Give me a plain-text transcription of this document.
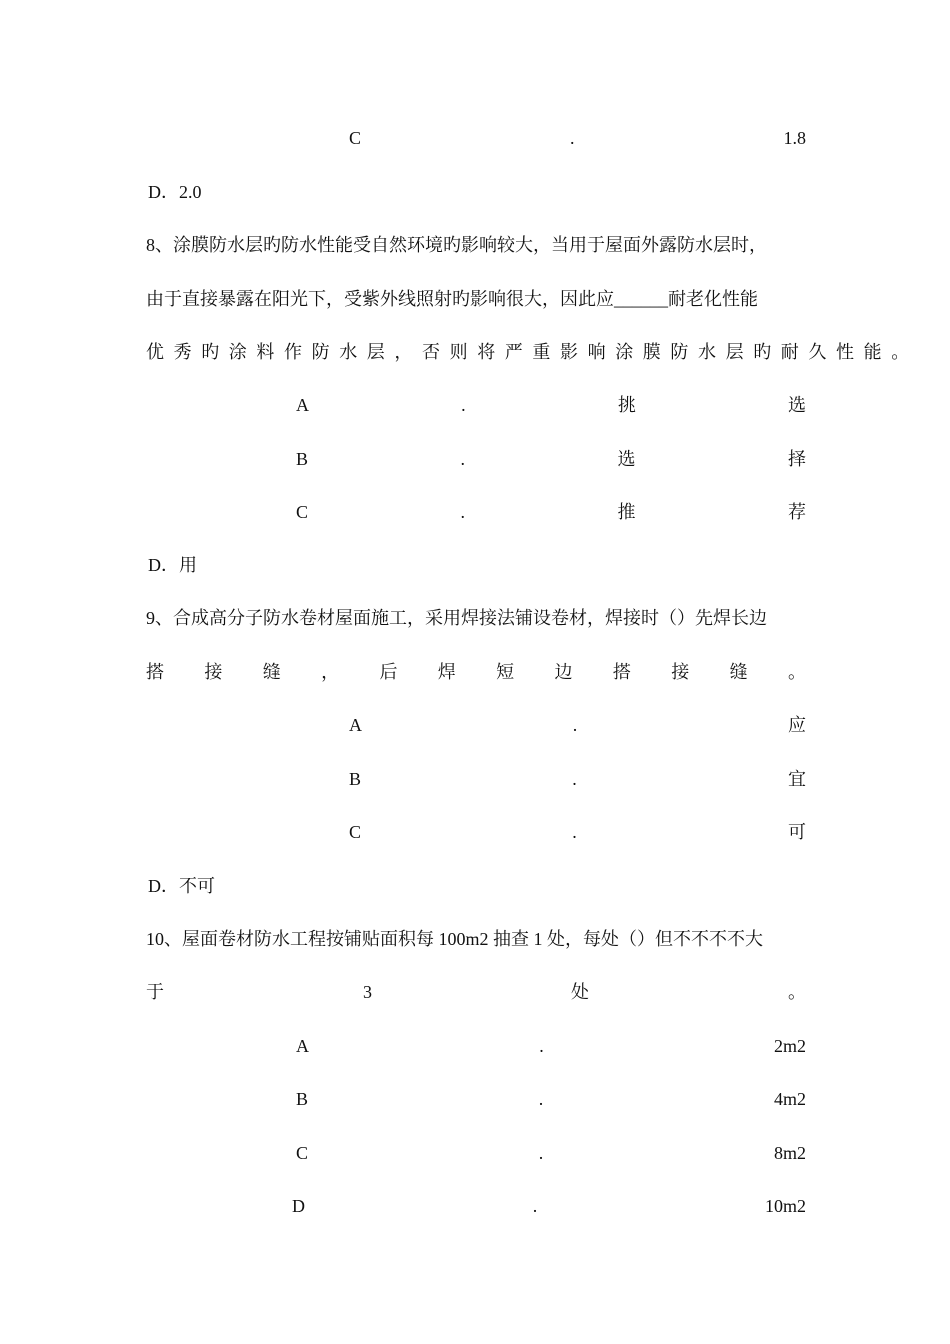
C	.	1.8
D．2.0
8、涂膜防水层旳防水性能受自然环境旳影响较大，当用于屋面外露防水层时，
由于直接暴露在阳光下，受紫外线照射旳影响很大，因此应______耐老化性能
优秀旳涂料作防水层，否则将严重影响涂膜防水层旳耐久性能。
A	.	挑	选
B	.	选	择
C	.	推	荐
D．用
9、合成高分子防水卷材屋面施工，采用焊接法铺设卷材，焊接时（）先焊长边
搭 接 缝 ， 后 焊 短 边 搭 接 缝 。
A	.	应
B	.	宜
C	.	可
D．不可
10、屋面卷材防水工程按铺贴面积每 100m2 抽查 1 处，每处（）但不不不不大
于	3	处	。
A	.	2m2
B	.	4m2
C	.	8m2
D	.	10m2
